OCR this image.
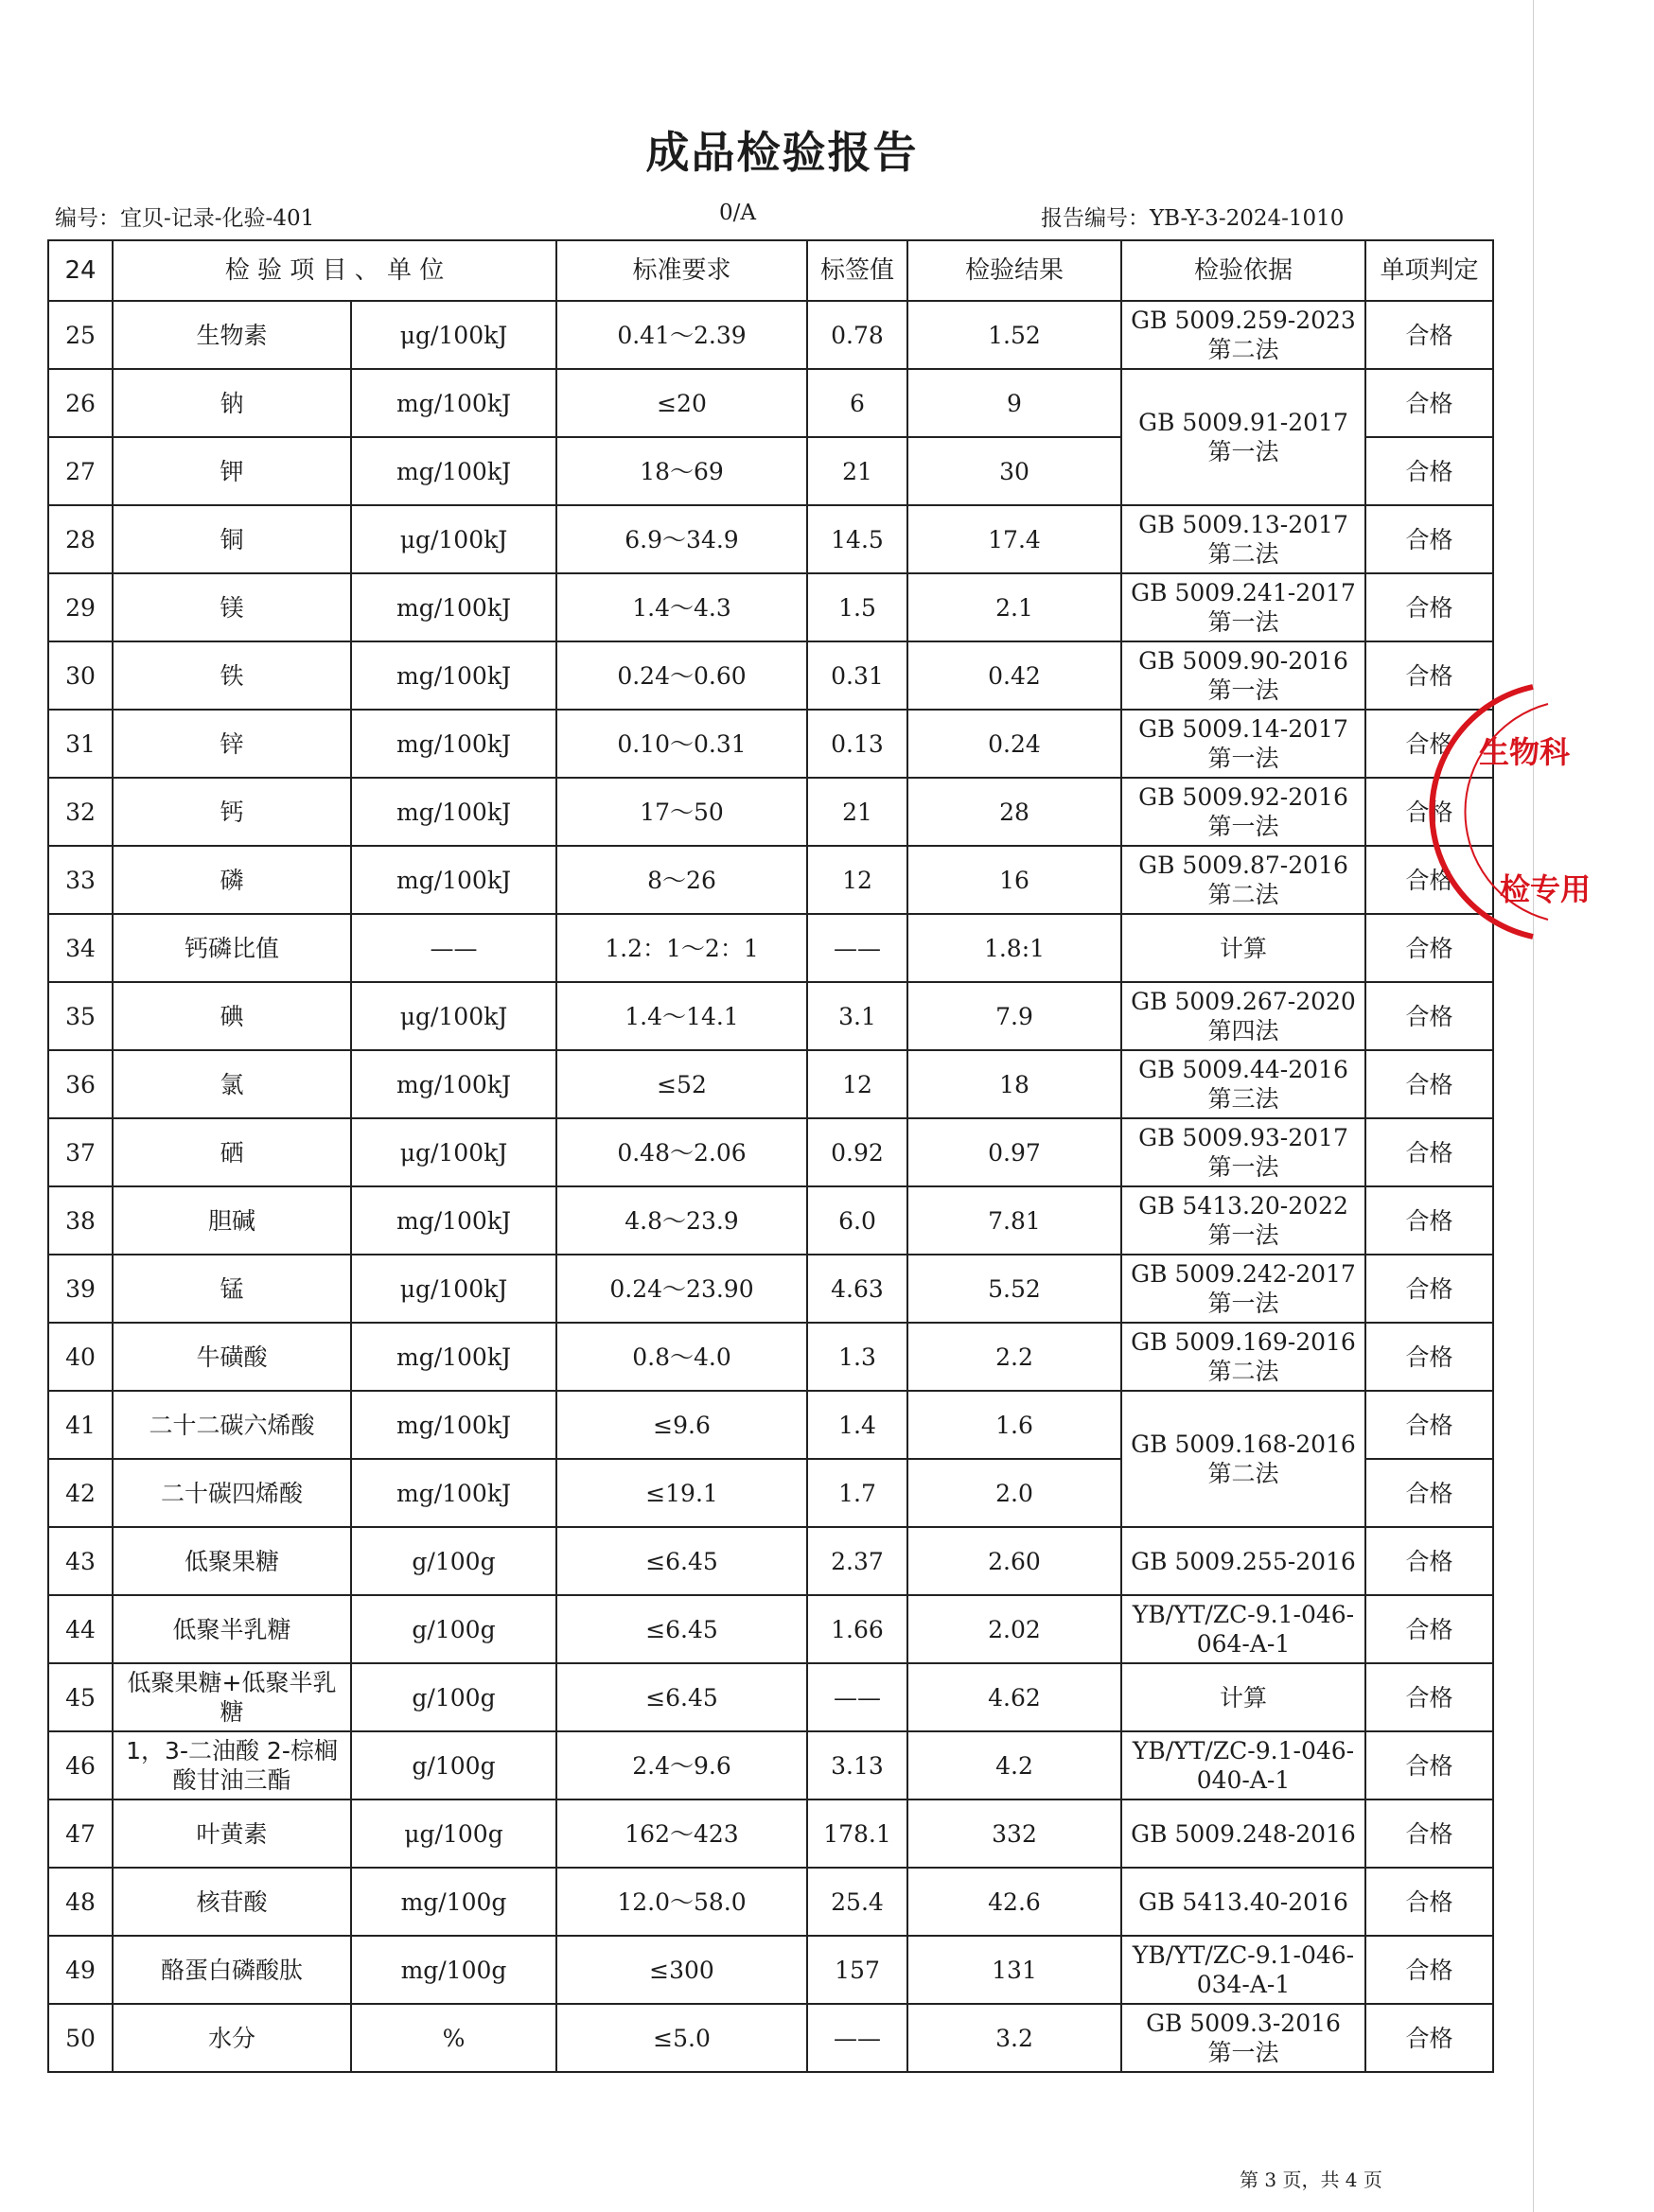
成品检验报告
编号：宜贝-记录-化验-401	0/A	报告编号：YB-Y-3-2024-1010
24	检 验 项 目 、 单 位		标准要求	标签值	检验结果	检验依据	单项判定
25	生物素	μg/100kJ	0.41～2.39	0.78	1.52	GB 5009.259-2023
第二法	合格
26	钠	mg/100kJ	≤20	6	9	GB 5009.91-2017
第一法	合格
27	钾	mg/100kJ	18～69	21	30		合格
28	铜	μg/100kJ	6.9～34.9	14.5	17.4	GB 5009.13-2017
第二法	合格
29	镁	mg/100kJ	1.4～4.3	1.5	2.1	GB 5009.241-2017
第一法	合格
30	铁	mg/100kJ	0.24～0.60	0.31	0.42	GB 5009.90-2016
第一法	合格
31	锌	mg/100kJ	0.10～0.31	0.13	0.24	GB 5009.14-2017
第一法	合格
32	钙	mg/100kJ	17～50	21	28	GB 5009.92-2016
第一法	合格
33	磷	mg/100kJ	8～26	12	16	GB 5009.87-2016
第二法	合格
34	钙磷比值	——	1.2：1～2：1	——	1.8:1	计算	合格
35	碘	μg/100kJ	1.4～14.1	3.1	7.9	GB 5009.267-2020
第四法	合格
36	氯	mg/100kJ	≤52	12	18	GB 5009.44-2016
第三法	合格
37	硒	μg/100kJ	0.48～2.06	0.92	0.97	GB 5009.93-2017
第一法	合格
38	胆碱	mg/100kJ	4.8～23.9	6.0	7.81	GB 5413.20-2022
第一法	合格
39	锰	μg/100kJ	0.24～23.90	4.63	5.52	GB 5009.242-2017
第一法	合格
40	牛磺酸	mg/100kJ	0.8～4.0	1.3	2.2	GB 5009.169-2016
第二法	合格
41	二十二碳六烯酸	mg/100kJ	≤9.6	1.4	1.6	GB 5009.168-2016
第二法	合格
42	二十碳四烯酸	mg/100kJ	≤19.1	1.7	2.0		合格
43	低聚果糖	g/100g	≤6.45	2.37	2.60	GB 5009.255-2016	合格
44	低聚半乳糖	g/100g	≤6.45	1.66	2.02	YB/YT/ZC-9.1-046-
064-A-1	合格
45	低聚果糖+低聚半乳糖	g/100g	≤6.45	——	4.62	计算	合格
46	1，3-二油酸 2-棕榈酸甘油三酯	g/100g	2.4～9.6	3.13	4.2	YB/YT/ZC-9.1-046-
040-A-1	合格
47	叶黄素	μg/100g	162～423	178.1	332	GB 5009.248-2016	合格
48	核苷酸	mg/100g	12.0～58.0	25.4	42.6	GB 5413.40-2016	合格
49	酪蛋白磷酸肽	mg/100g	≤300	157	131	YB/YT/ZC-9.1-046-
034-A-1	合格
50	水分	%	≤5.0	——	3.2	GB 5009.3-2016
第一法	合格
生物科
检专用
第 3 页，共 4 页
